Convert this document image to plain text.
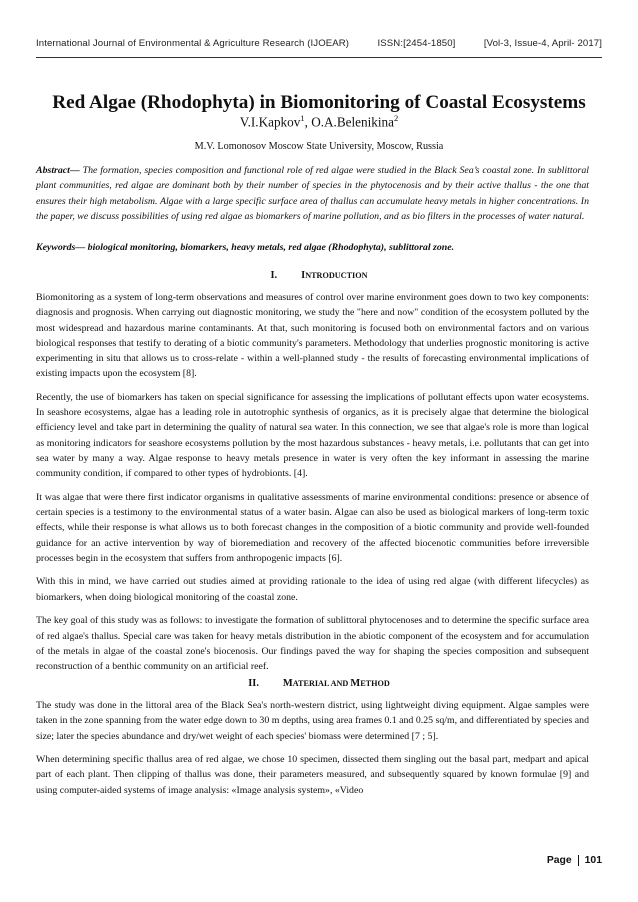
International Journal of Environmental & Agriculture Research (IJOEAR)	ISSN:[2454-1850]	[Vol-3, Issue-4, April- 2017]
Red Algae (Rhodophyta) in Biomonitoring of Coastal Ecosystems
V.I.Kapkov$^1$, O.A.Belenikina$^2$
M.V. Lomonosov Moscow State University, Moscow, Russia
Abstract— The formation, species composition and functional role of red algae were studied in the Black Sea’s coastal zone. In sublittoral plant communities, red algae are dominant both by their number of species in the phytocenosis and by their active thallus - the one that ensures their high metabolism. Algae with a large specific surface area of thallus can accumulate heavy metals in higher concentrations. In the paper, we discuss possibilities of using red algae as biomarkers of marine pollution, and as bio filters in the processes of water natural.
Keywords— biological monitoring, biomarkers, heavy metals, red algae (Rhodophyta), sublittoral zone.
I. INTRODUCTION

Biomonitoring as a system of long-term observations and measures of control over marine environment goes down to two key components: diagnosis and prognosis. When carrying out diagnostic monitoring, we study the "here and now" condition of the ecosystem polluted by the most widespread and hazardous marine contaminants. At that, such monitoring is focused both on environmental factors and on various biological responses that testify to derating of a biotic community's parameters. Methodology that underlies prognostic monitoring is active experimenting in situ that allows us to cross-relate - within a well-planned study - the results of forecasting environmental implications of existing impacts upon the ecosystem [8].

Recently, the use of biomarkers has taken on special significance for assessing the implications of pollutant effects upon water ecosystems. In seashore ecosystems, algae has a leading role in autotrophic synthesis of organics, as it is precisely algae that determine the biological efficiency level and take part in determining the quality of natural sea water. In this connection, we see that algae's role is more than logical as monitoring indicators for seashore ecosystems pollution by the most hazardous substances - heavy metals, i.e. pollutants that can get into sea water by many a way. Algae response to heavy metals presence in water is very often the key informant in assessing the marine community condition, if compared to other types of hydrobionts. [4].

It was algae that were there first indicator organisms in qualitative assessments of marine environmental conditions: presence or absence of certain species is a testimony to the environmental status of a water basin. Algae can also be used as biological markers of long-term toxic effects, while their response is what allows us to both forecast changes in the composition of a biotic community and provide well-founded guidance for an active intervention by way of bioremediation and recovery of the affected biocenotic communities before irreversible processes begin in the ecosystem that suffers from anthropogenic impacts [6].

With this in mind, we have carried out studies aimed at providing rationale to the idea of using red algae (with different lifecycles) as biomarkers, when doing biological monitoring of the coastal zone.

The key goal of this study was as follows: to investigate the formation of sublittoral phytocenoses and to determine the specific surface area of red algae's thallus. Special care was taken for heavy metals distribution in the abiotic component of the ecosystem and for accumulation of the metals in algae of the coastal zone's biocenosis. Our findings paved the way for shaping the species composition and subsequent reconstruction of a benthic community on an artificial reef.

II. MATERIAL AND METHOD

The study was done in the littoral area of the Black Sea's north-western district, using lightweight diving equipment. Algae samples were taken in the zone spanning from the water edge down to 30 m depths, using area frames 0.1 and 0.25 sq/m, and differentiated by species and size; later the species abundance and dry/wet weight of each species' biomass were determined [7 ; 5].

When determining specific thallus area of red algae, we chose 10 specimen, dissected them singling out the basal part, medpart and apical part of each plant. Then clipping of thallus was done, their parameters measured, and subsequently squared by known formulae [9] and using computer-aided systems of image analysis: «Image analysis system», «Video

Page 101
